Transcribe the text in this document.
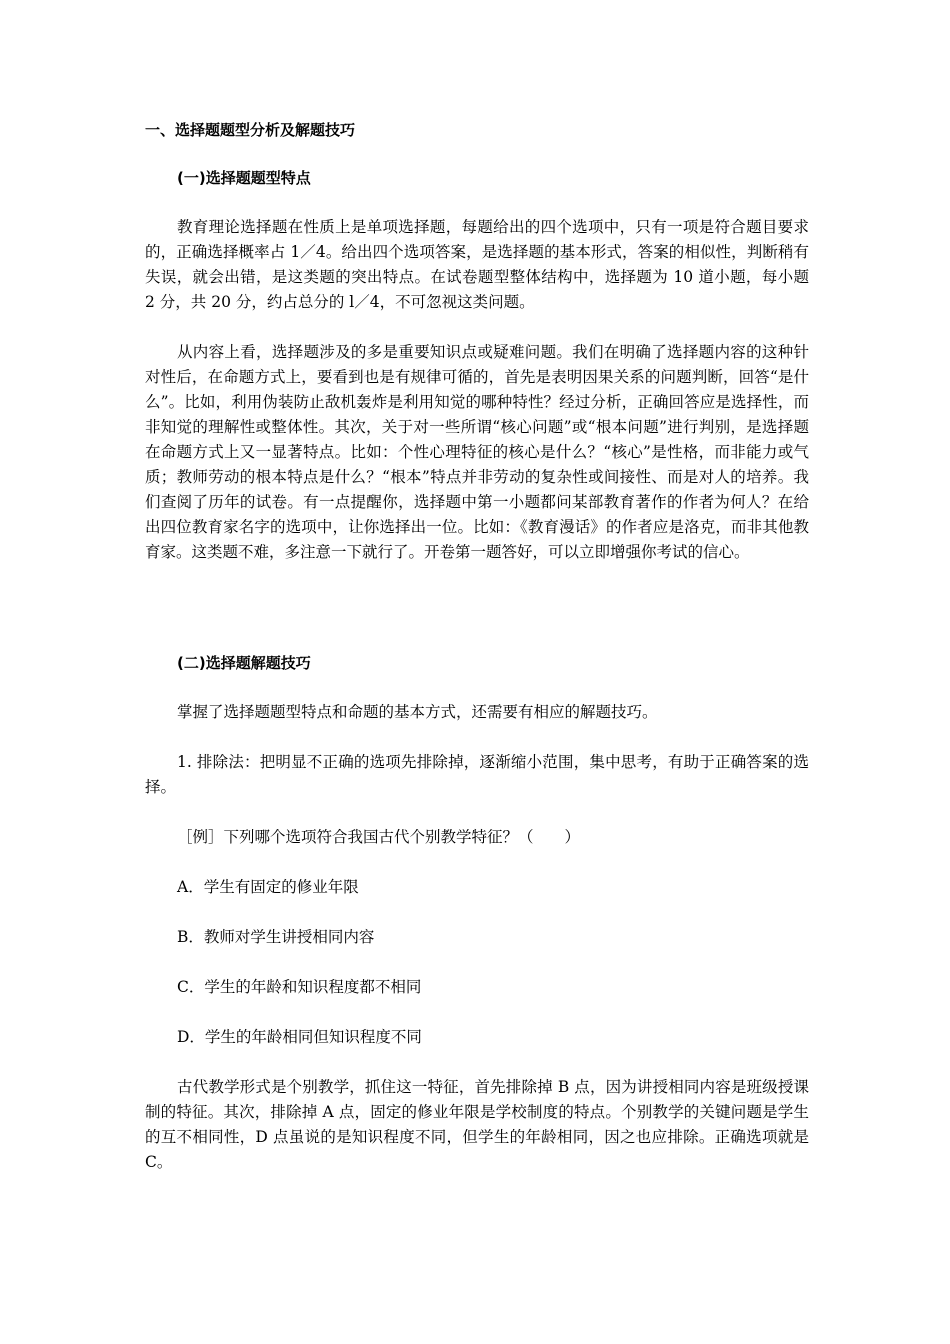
一、选择题题型分析及解题技巧
(一)选择题题型特点

教育理论选择题在性质上是单项选择题，每题给出的四个选项中，只有一项是符合题目要求的，正确选择概率占 1／4。给出四个选项答案，是选择题的基本形式，答案的相似性，判断稍有失误，就会出错，是这类题的突出特点。在试卷题型整体结构中，选择题为 10 道小题，每小题 2 分，共 20 分，约占总分的 l／4，不可忽视这类问题。

从内容上看，选择题涉及的多是重要知识点或疑难问题。我们在明确了选择题内容的这种针对性后，在命题方式上，要看到也是有规律可循的，首先是表明因果关系的问题判断，回答“是什么”。比如，利用伪装防止敌机轰炸是利用知觉的哪种特性？经过分析，正确回答应是选择性，而非知觉的理解性或整体性。其次，关于对一些所谓“核心问题”或“根本问题”进行判别，是选择题在命题方式上又一显著特点。比如：个性心理特征的核心是什么？“核心”是性格，而非能力或气质；教师劳动的根本特点是什么？“根本”特点并非劳动的复杂性或间接性、而是对人的培养。我们查阅了历年的试卷。有一点提醒你，选择题中第一小题都问某部教育著作的作者为何人？在给出四位教育家名字的选项中，让你选择出一位。比如：《教育漫话》的作者应是洛克，而非其他教育家。这类题不难，多注意一下就行了。开卷第一题答好，可以立即增强你考试的信心。

(二)选择题解题技巧

掌握了选择题题型特点和命题的基本方式，还需要有相应的解题技巧。

1. 排除法：把明显不正确的选项先排除掉，逐渐缩小范围，集中思考，有助于正确答案的选择。

［例］下列哪个选项符合我国古代个别教学特征？（　　）

A．学生有固定的修业年限

B．教师对学生讲授相同内容

C．学生的年龄和知识程度都不相同

D．学生的年龄相同但知识程度不同

古代教学形式是个别教学，抓住这一特征，首先排除掉 B 点，因为讲授相同内容是班级授课制的特征。其次，排除掉 A 点，固定的修业年限是学校制度的特点。个别教学的关键问题是学生的互不相同性，D 点虽说的是知识程度不同，但学生的年龄相同，因之也应排除。正确选项就是 C。
